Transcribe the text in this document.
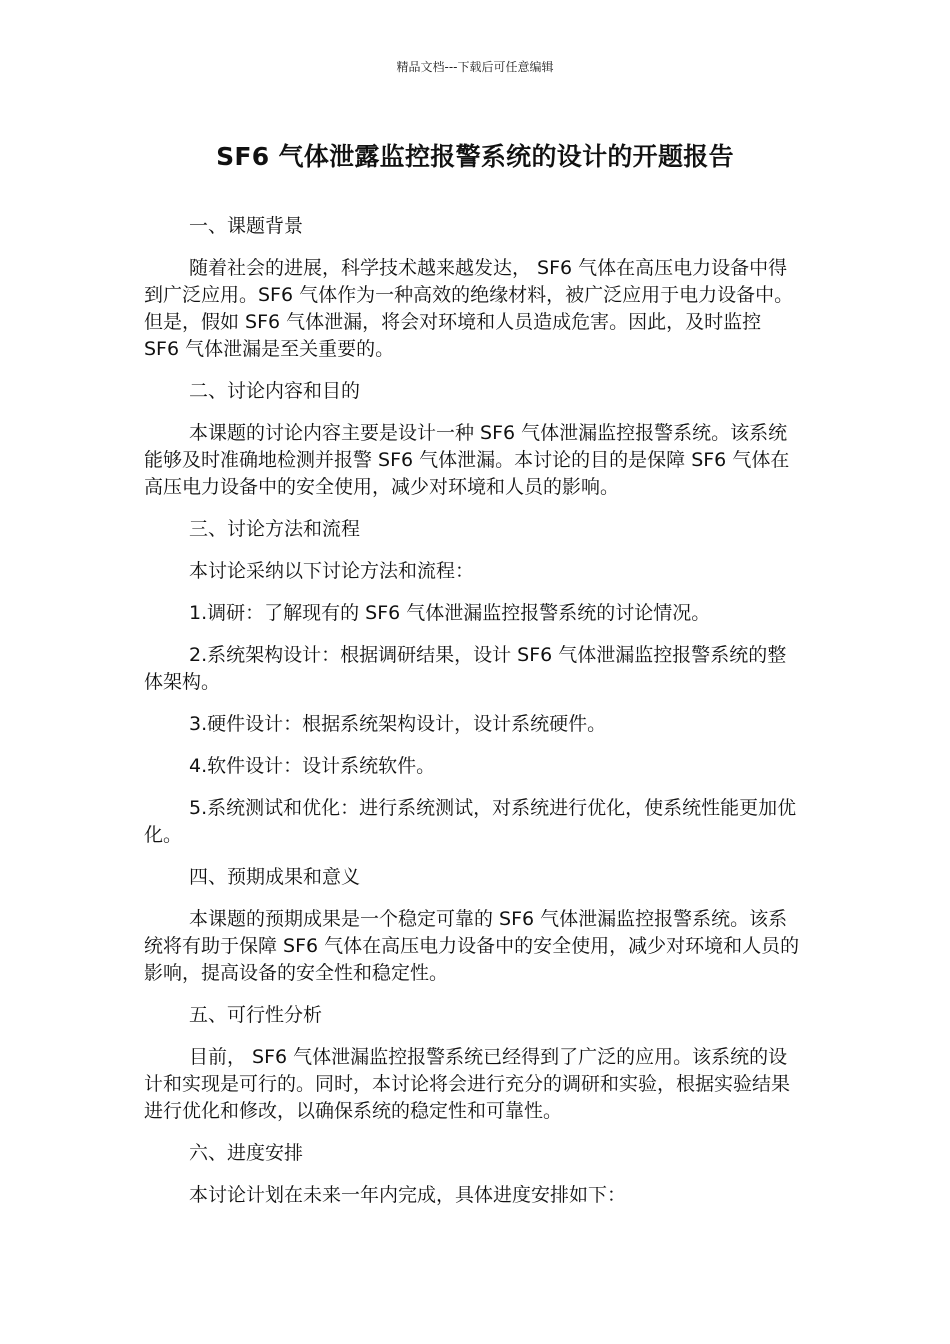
精品文档---下载后可任意编辑
SF6 气体泄露监控报警系统的设计的开题报告
一、课题背景
随着社会的进展，科学技术越来越发达， SF6 气体在高压电力设备中得到广泛应用。SF6 气体作为一种高效的绝缘材料，被广泛应用于电力设备中。但是，假如 SF6 气体泄漏，将会对环境和人员造成危害。因此，及时监控 SF6 气体泄漏是至关重要的。
二、讨论内容和目的
本课题的讨论内容主要是设计一种 SF6 气体泄漏监控报警系统。该系统能够及时准确地检测并报警 SF6 气体泄漏。本讨论的目的是保障 SF6 气体在高压电力设备中的安全使用，减少对环境和人员的影响。
三、讨论方法和流程
本讨论采纳以下讨论方法和流程：
1.调研：了解现有的 SF6 气体泄漏监控报警系统的讨论情况。
2.系统架构设计：根据调研结果，设计 SF6 气体泄漏监控报警系统的整体架构。
3.硬件设计：根据系统架构设计，设计系统硬件。
4.软件设计：设计系统软件。
5.系统测试和优化：进行系统测试，对系统进行优化，使系统性能更加优化。
四、预期成果和意义
本课题的预期成果是一个稳定可靠的 SF6 气体泄漏监控报警系统。该系统将有助于保障 SF6 气体在高压电力设备中的安全使用，减少对环境和人员的影响，提高设备的安全性和稳定性。
五、可行性分析
目前， SF6 气体泄漏监控报警系统已经得到了广泛的应用。该系统的设计和实现是可行的。同时，本讨论将会进行充分的调研和实验，根据实验结果进行优化和修改，以确保系统的稳定性和可靠性。
六、进度安排
本讨论计划在未来一年内完成，具体进度安排如下：
